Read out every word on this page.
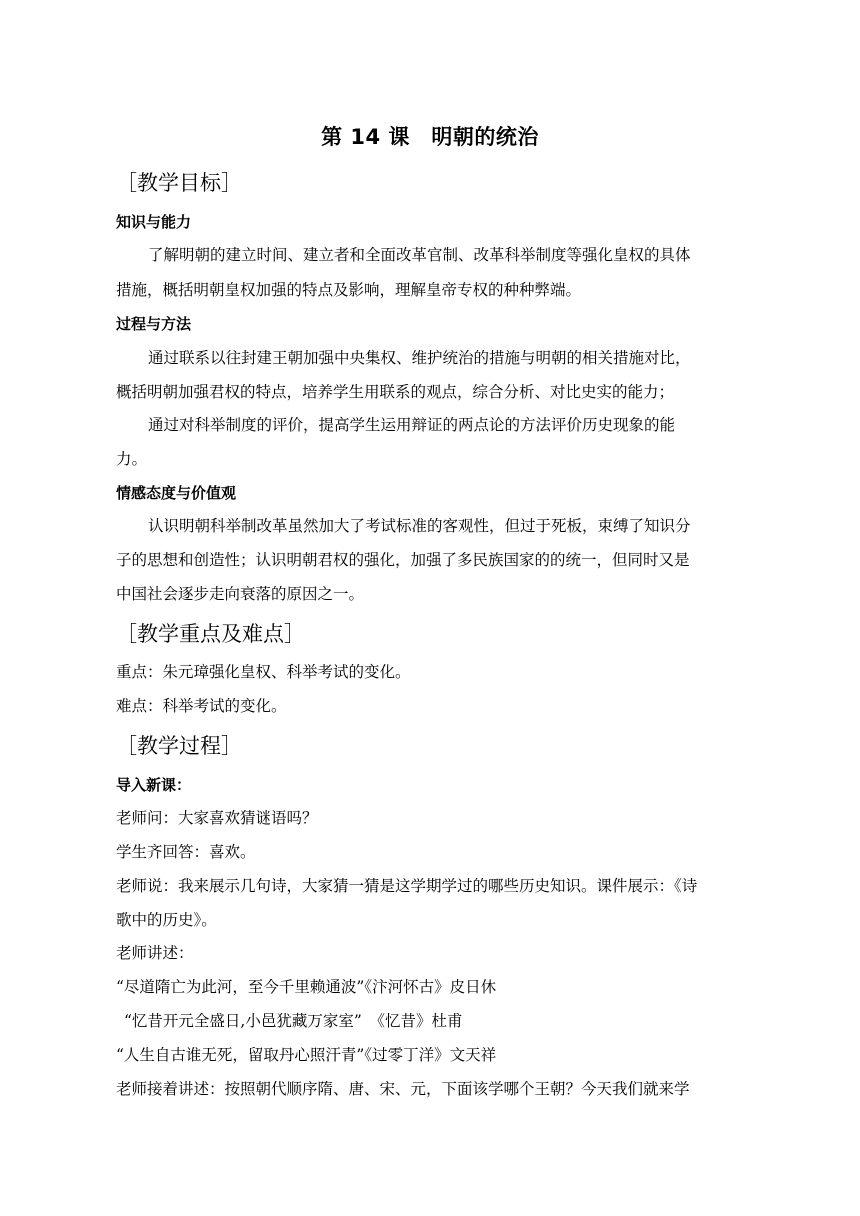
第 14 课　明朝的统治
［教学目标］
知识与能力
了解明朝的建立时间、建立者和全面改革官制、改革科举制度等强化皇权的具体
措施，概括明朝皇权加强的特点及影响，理解皇帝专权的种种弊端。
过程与方法
通过联系以往封建王朝加强中央集权、维护统治的措施与明朝的相关措施对比，
概括明朝加强君权的特点，培养学生用联系的观点，综合分析、对比史实的能力；
通过对科举制度的评价，提高学生运用辩证的两点论的方法评价历史现象的能
力。
情感态度与价值观
认识明朝科举制改革虽然加大了考试标准的客观性，但过于死板，束缚了知识分
子的思想和创造性；认识明朝君权的强化，加强了多民族国家的的统一，但同时又是
中国社会逐步走向衰落的原因之一。
［教学重点及难点］
重点：朱元璋强化皇权、科举考试的变化。
难点：科举考试的变化。
［教学过程］
导入新课：
老师问：大家喜欢猜谜语吗？
学生齐回答：喜欢。
老师说：我来展示几句诗，大家猜一猜是这学期学过的哪些历史知识。课件展示：《诗
歌中的历史》。
老师讲述：
“尽道隋亡为此河，至今千里赖通波”《汴河怀古》皮日休
“忆昔开元全盛日,小邑犹藏万家室”　《忆昔》杜甫
“人生自古谁无死，留取丹心照汗青”《过零丁洋》文天祥
老师接着讲述：按照朝代顺序隋、唐、宋、元，下面该学哪个王朝？今天我们就来学
